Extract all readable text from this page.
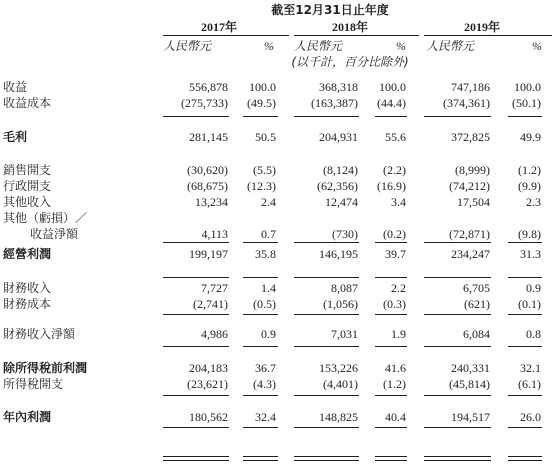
截至12月31日止年度
2017年	2018年	2019年
人民幣元	% 人民幣元	% 人民幣元	%
(以千計，百分比除外)
收益	556,878 100.0	368,318 100.0	747,186 100.0
收益成本	(275,733) (49.5)	(163,387) (44.4)	(374,361) (50.1)
毛利	281,145 50.5	204,931 55.6	372,825	49.9
銷售開支	(30,620) (5.5)	(8,124) (2.2)	(8,999) (1.2)
行政開支	(68,675) (12.3)	(62,356) (16.9)	(74,212) (9.9)
其他收入	13,234	2.4	12,474	3.4	17,504	2.3
其他（虧損）／
收益淨額	4,113	0.7	(730) (0.2)	(72,871) (9.8)
經營利潤	199,197 35.8	146,195 39.7	234,247	31.3
財務收入	7,727	1.4	8,087	2.2	6,705	0.9
財務成本	(2,741) (0.5)	(1,056) (0.3)	(621) (0.1)
財務收入淨額	4,986	0.9	7,031	1.9	6,084	0.8
除所得稅前利潤	204,183 36.7	153,226 41.6	240,331	32.1
所得稅開支	(23,621) (4.3)	(4,401) (1.2)	(45,814) (6.1)
年內利潤	180,562 32.4	148,825 40.4	194,517	26.0
